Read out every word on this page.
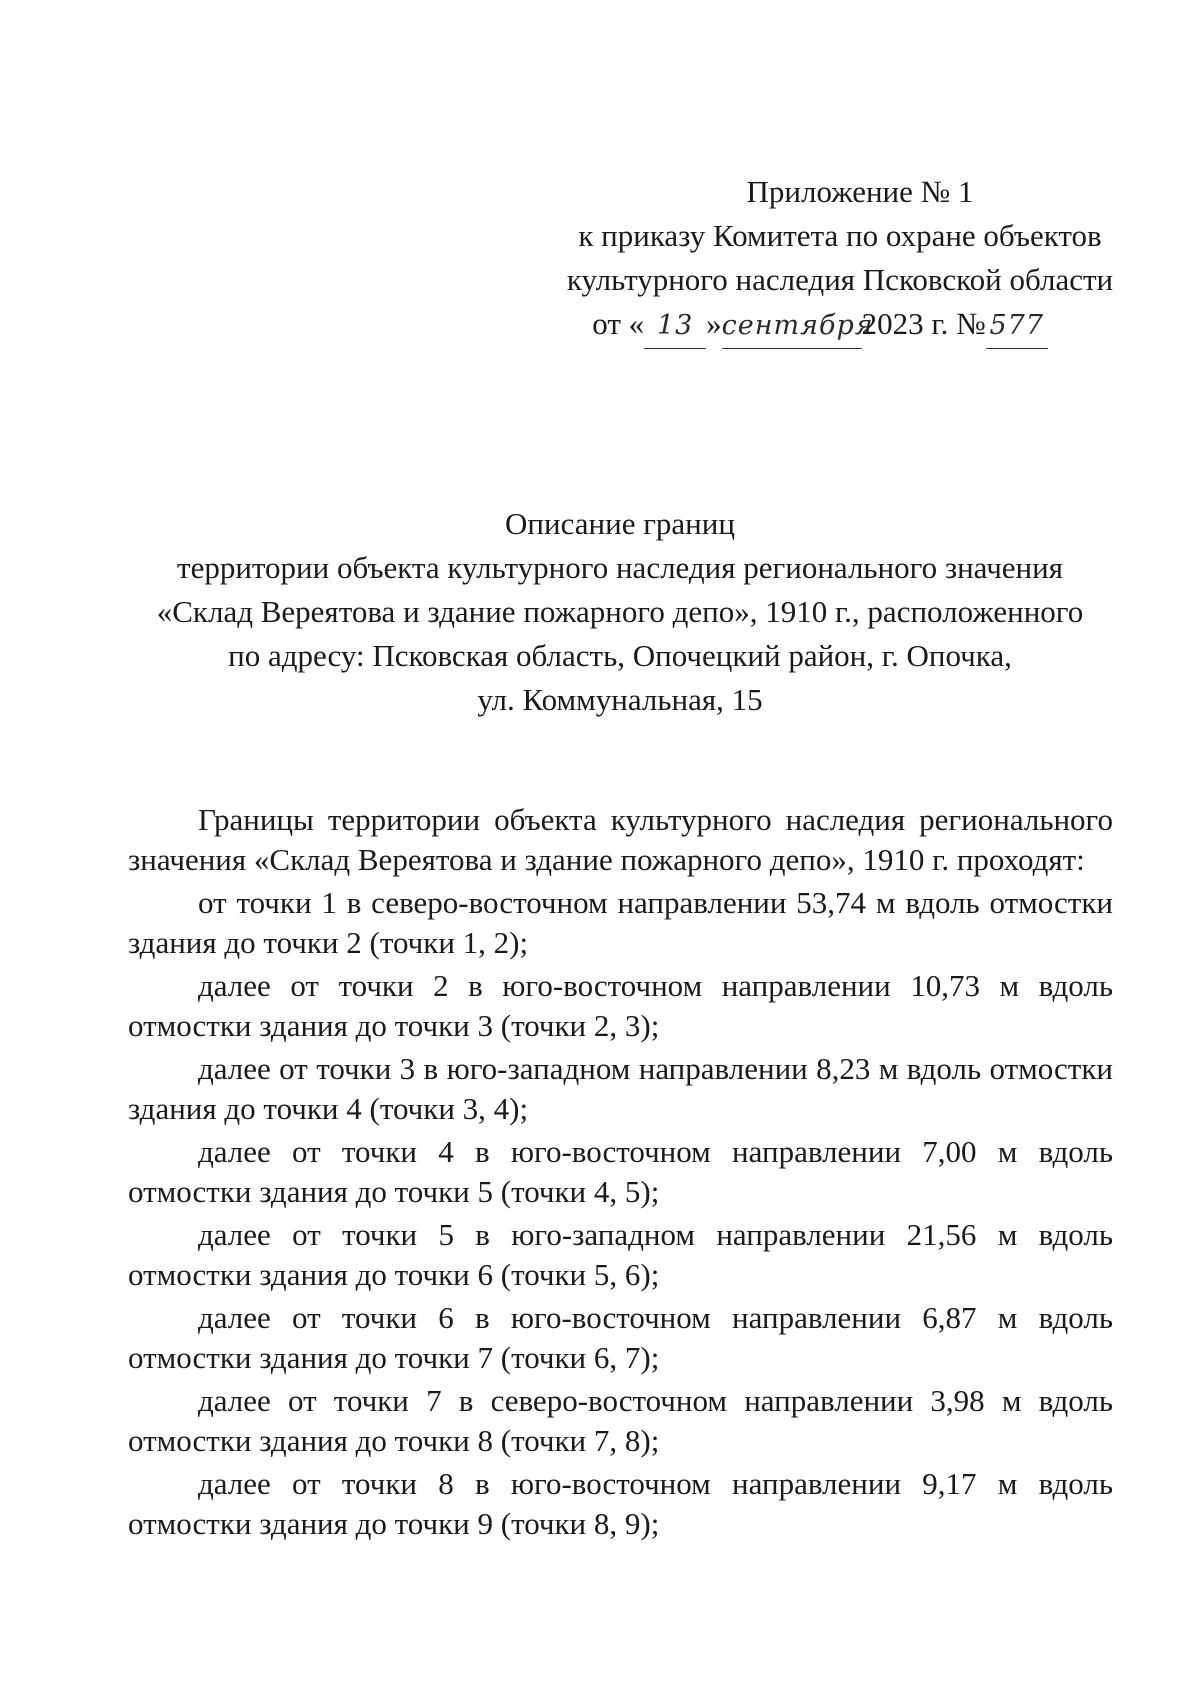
Приложение № 1
к приказу Комитета по охране объектов
культурного наследия Псковской области
от « 13 »сентября2023 г. № 577
Описание границ
территории объекта культурного наследия регионального значения
«Склад Вереятова и здание пожарного депо», 1910 г., расположенного
по адресу: Псковская область, Опочецкий район, г. Опочка,
ул. Коммунальная, 15
Границы территории объекта культурного наследия регионального
значения «Склад Вереятова и здание пожарного депо», 1910 г. проходят:
от точки 1 в северо-восточном направлении 53,74 м вдоль отмостки
здания до точки 2 (точки 1, 2);
далее от точки 2 в юго-восточном направлении 10,73 м вдоль
отмостки здания до точки 3 (точки 2, 3);
далее от точки 3 в юго-западном направлении 8,23 м вдоль отмостки
здания до точки 4 (точки 3, 4);
далее от точки 4 в юго-восточном направлении 7,00 м вдоль
отмостки здания до точки 5 (точки 4, 5);
далее от точки 5 в юго-западном направлении 21,56 м вдоль
отмостки здания до точки 6 (точки 5, 6);
далее от точки 6 в юго-восточном направлении 6,87 м вдоль
отмостки здания до точки 7 (точки 6, 7);
далее от точки 7 в северо-восточном направлении 3,98 м вдоль
отмостки здания до точки 8 (точки 7, 8);
далее от точки 8 в юго-восточном направлении 9,17 м вдоль
отмостки здания до точки 9 (точки 8, 9);
